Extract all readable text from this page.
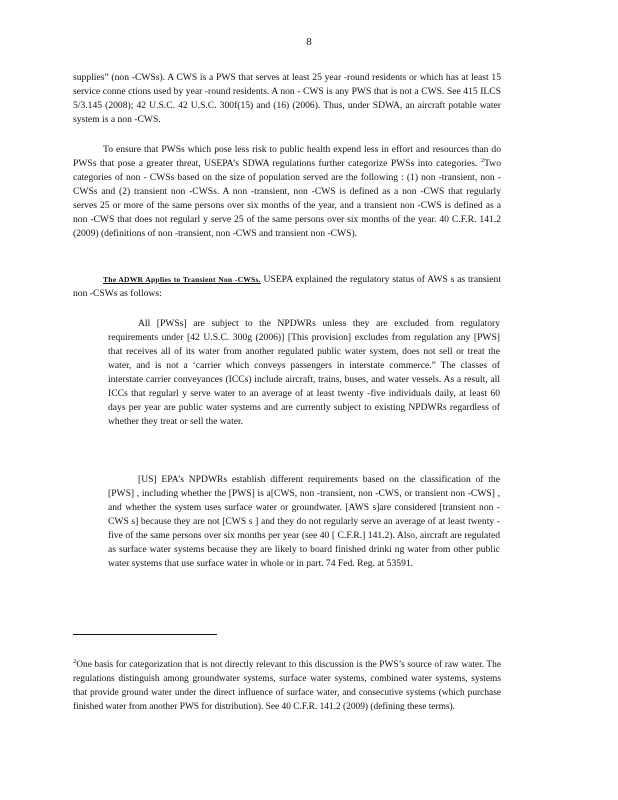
8

supplies” (non -CWSs). A CWS is a PWS that serves at least 25 year -round residents or which has at least 15 service conne ctions used by year -round residents. A non - CWS is any PWS that is not a CWS. See 415 ILCS 5/3.145 (2008); 42 U.S.C. 42 U.S.C. 300f(15) and (16) (2006). Thus, under SDWA, an aircraft potable water system is a non -CWS.

To ensure that PWSs which pose less risk to public health expend less in effort and resources than do PWSs that pose a greater threat, USEPA’s SDWA regulations further categorize PWSs into categories. $^2$Two categories of non - CWSs based on the size of population served are the following : (1) non -transient, non -CWSs and (2) transient non -CWSs. A non -transient, non -CWS is defined as a non -CWS that regularly serves 25 or more of the same persons over six months of the year, and a transient non -CWS is defined as a non -CWS that does not regularl y serve 25 of the same persons over six months of the year. 40 C.F.R. 141.2 (2009) (definitions of non -transient, non -CWS and transient non -CWS).

The ADWR Applies to Transient Non -CWSs. USEPA explained the regulatory status of AWS s as transient non -CSWs as follows:

All [PWSs] are subject to the NPDWRs unless they are excluded from regulatory requirements under [42 U.S.C. 300g (2006)] [This provision] excludes from regulation any [PWS] that receives all of its water from another regulated public water system, does not sell or treat the water, and is not a ‘carrier which conveys passengers in interstate commerce.” The classes of interstate carrier conveyances (ICCs) include aircraft, trains, buses, and water vessels. As a result, all ICCs that regularl y serve water to an average of at least twenty -five individuals daily, at least 60 days per year are public water systems and are currently subject to existing NPDWRs regardless of whether they treat or sell the water.

[US] EPA’s NPDWRs establish different requirements based on the classification of the [PWS] , including whether the [PWS] is a[CWS, non -transient, non -CWS, or transient non -CWS] , and whether the system uses surface water or groundwater. [AWS s]are considered [transient non -CWS s] because they are not [CWS s ] and they do not regularly serve an average of at least twenty -five of the same persons over six months per year (see 40 [ C.F.R.] 141.2). Also, aircraft are regulated as surface water systems because they are likely to board finished drinki ng water from other public water systems that use surface water in whole or in part. 74 Fed. Reg. at 53591.

$^2$One basis for categorization that is not directly relevant to this discussion is the PWS’s source of raw water. The regulations distinguish among groundwater systems, surface water systems, combined water systems, systems that provide ground water under the direct influence of surface water, and consecutive systems (which purchase finished water from another PWS for distribution). See 40 C.F.R. 141.2 (2009) (defining these terms).
